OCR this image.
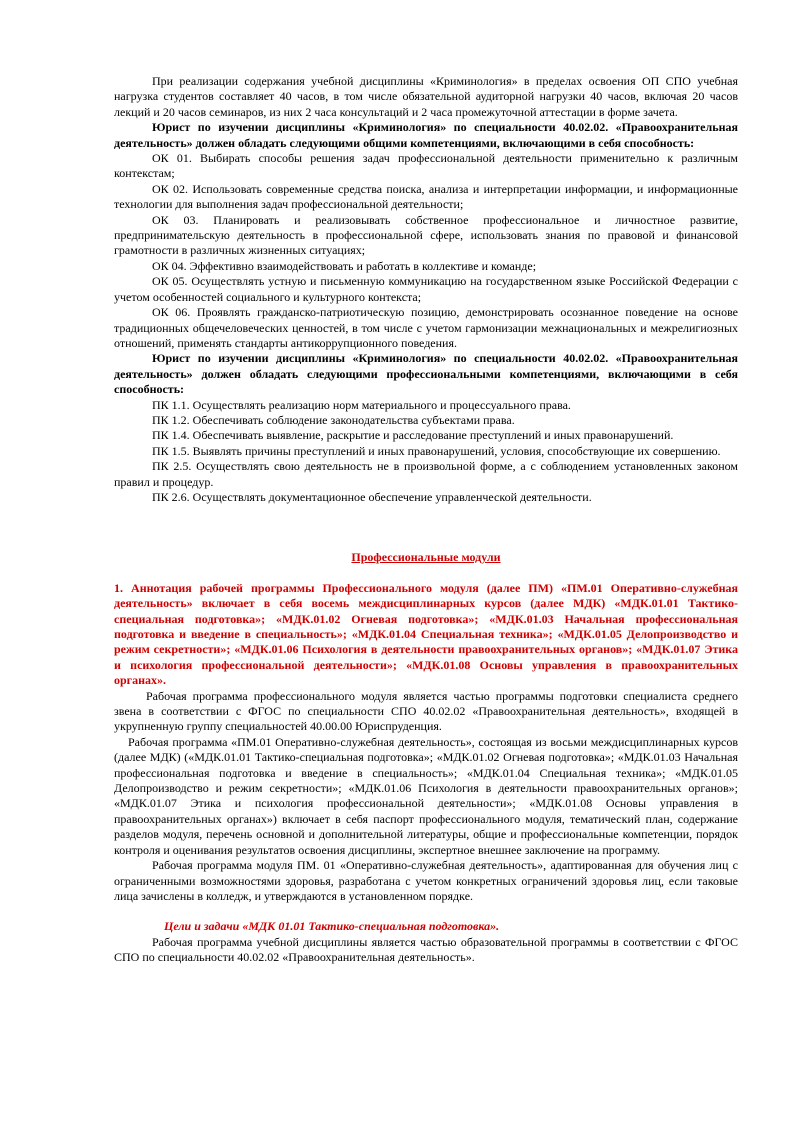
При реализации содержания учебной дисциплины «Криминология» в пределах освоения ОП СПО учебная нагрузка студентов составляет 40 часов, в том числе обязательной аудиторной нагрузки 40 часов, включая 20 часов лекций и 20 часов семинаров, из них 2 часа консультаций и 2 часа промежуточной аттестации в форме зачета.

Юрист по изучении дисциплины «Криминология» по специальности 40.02.02. «Правоохранительная деятельность» должен обладать следующими общими компетенциями, включающими в себя способность:

ОК 01. Выбирать способы решения задач профессиональной деятельности применительно к различным контекстам;

ОК 02. Использовать современные средства поиска, анализа и интерпретации информации, и информационные технологии для выполнения задач профессиональной деятельности;

ОК 03. Планировать и реализовывать собственное профессиональное и личностное развитие, предпринимательскую деятельность в профессиональной сфере, использовать знания по правовой и финансовой грамотности в различных жизненных ситуациях;

ОК 04. Эффективно взаимодействовать и работать в коллективе и команде;

ОК 05. Осуществлять устную и письменную коммуникацию на государственном языке Российской Федерации с учетом особенностей социального и культурного контекста;

ОК 06. Проявлять гражданско-патриотическую позицию, демонстрировать осознанное поведение на основе традиционных общечеловеческих ценностей, в том числе с учетом гармонизации межнациональных и межрелигиозных отношений, применять стандарты антикоррупционного поведения.

Юрист по изучении дисциплины «Криминология» по специальности 40.02.02. «Правоохранительная деятельность» должен обладать следующими профессиональными компетенциями, включающими в себя способность:

ПК 1.1. Осуществлять реализацию норм материального и процессуального права.

ПК 1.2. Обеспечивать соблюдение законодательства субъектами права.

ПК 1.4. Обеспечивать выявление, раскрытие и расследование преступлений и иных правонарушений.

ПК 1.5. Выявлять причины преступлений и иных правонарушений, условия, способствующие их совершению.

ПК 2.5. Осуществлять свою деятельность не в произвольной форме, а с соблюдением установленных законом правил и процедур.

ПК 2.6. Осуществлять документационное обеспечение управленческой деятельности.

Профессиональные модули

1. Аннотация рабочей программы Профессионального модуля (далее ПМ) «ПМ.01 Оперативно-служебная деятельность» включает в себя восемь междисциплинарных курсов (далее МДК) «МДК.01.01 Тактико-специальная подготовка»; «МДК.01.02 Огневая подготовка»; «МДК.01.03 Начальная профессиональная подготовка и введение в специальность»; «МДК.01.04 Специальная техника»; «МДК.01.05 Делопроизводство и режим секретности»; «МДК.01.06 Психология в деятельности правоохранительных органов»; «МДК.01.07 Этика и психология профессиональной деятельности»; «МДК.01.08 Основы управления в правоохранительных органах».

Рабочая программа профессионального модуля является частью программы подготовки специалиста среднего звена в соответствии с ФГОС по специальности СПО 40.02.02 «Правоохранительная деятельность», входящей в укрупненную группу специальностей 40.00.00 Юриспруденция.

Рабочая программа «ПМ.01 Оперативно-служебная деятельность», состоящая из восьми междисциплинарных курсов (далее МДК) («МДК.01.01 Тактико-специальная подготовка»; «МДК.01.02 Огневая подготовка»; «МДК.01.03 Начальная профессиональная подготовка и введение в специальность»; «МДК.01.04 Специальная техника»; «МДК.01.05 Делопроизводство и режим секретности»; «МДК.01.06 Психология в деятельности правоохранительных органов»; «МДК.01.07 Этика и психология профессиональной деятельности»; «МДК.01.08 Основы управления в правоохранительных органах») включает в себя паспорт профессионального модуля, тематический план, содержание разделов модуля, перечень основной и дополнительной литературы, общие и профессиональные компетенции, порядок контроля и оценивания результатов освоения дисциплины, экспертное внешнее заключение на программу.

Рабочая программа модуля ПМ. 01 «Оперативно-служебная деятельность», адаптированная для обучения лиц с ограниченными возможностями здоровья, разработана с учетом конкретных ограничений здоровья лиц, если таковые лица зачислены в колледж, и утверждаются в установленном порядке.

Цели и задачи «МДК 01.01 Тактико-специальная подготовка».

Рабочая программа учебной дисциплины является частью образовательной программы в соответствии с ФГОС СПО по специальности 40.02.02 «Правоохранительная деятельность».
